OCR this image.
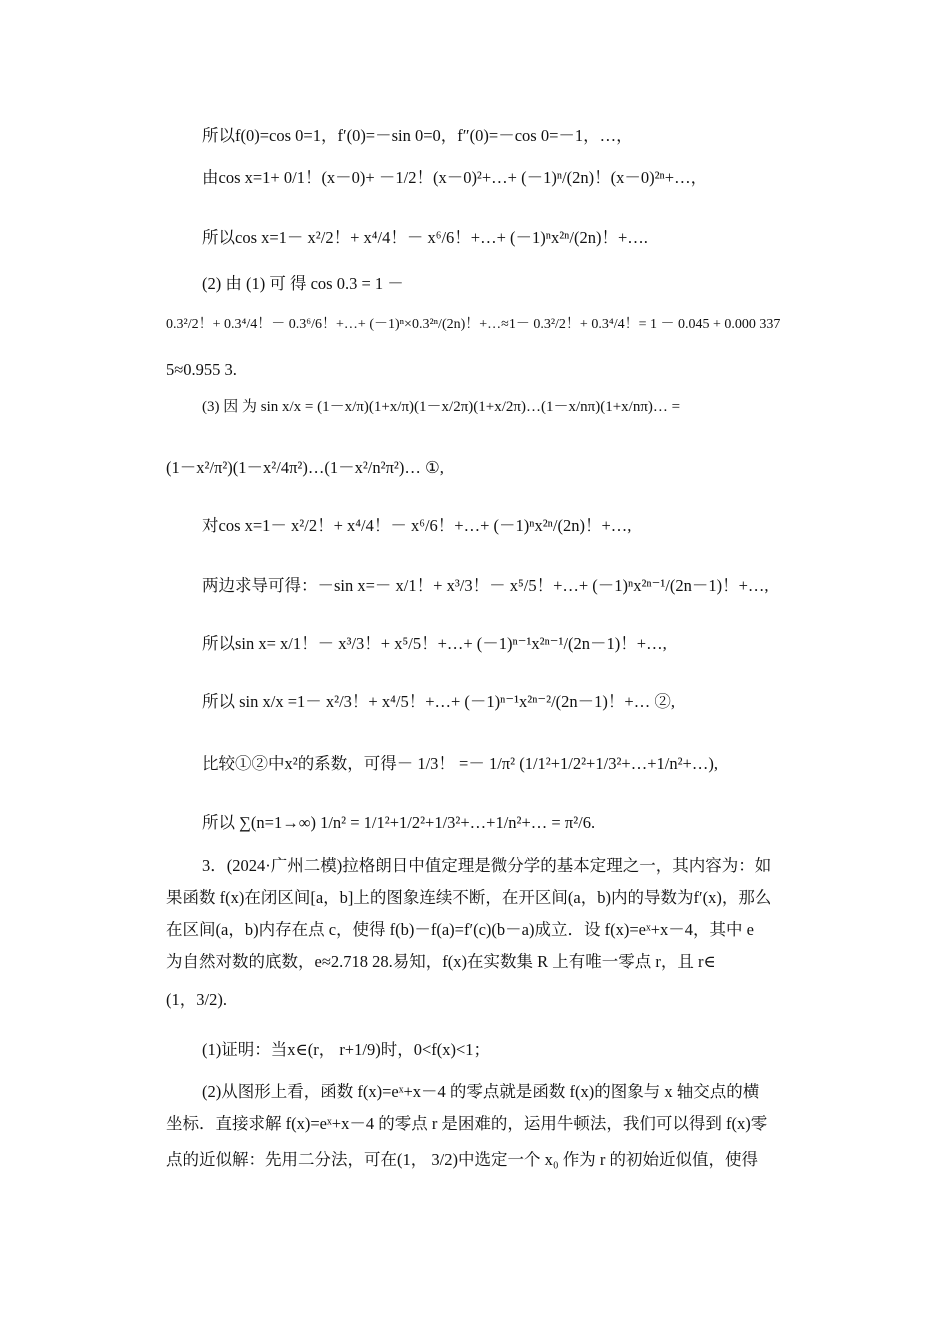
所以f(0)=cos 0=1，f′(0)=－sin 0=0，f″(0)=－cos 0=－1，…，
由cos x=1+ 0/1！(x－0)+ －1/2！(x－0)²+…+ (－1)ⁿ/(2n)！(x－0)²ⁿ+…，
所以cos x=1－ x²/2！+ x⁴/4！－ x⁶/6！+…+ (－1)ⁿx²ⁿ/(2n)！+….
(2) 由 (1) 可 得 cos 0.3 = 1 －
0.3²/2！+ 0.3⁴/4！－ 0.3⁶/6！+…+ (－1)ⁿ×0.3²ⁿ/(2n)！+…≈1－ 0.3²/2！+ 0.3⁴/4！= 1 － 0.045 + 0.000 337
5≈0.955 3.
(3) 因 为 sin x/x = (1－x/π)(1+x/π)(1－x/2π)(1+x/2π)…(1－x/nπ)(1+x/nπ)… =
(1－x²/π²)(1－x²/4π²)…(1－x²/n²π²)… ①,
对cos x=1－ x²/2！+ x⁴/4！－ x⁶/6！+…+ (－1)ⁿx²ⁿ/(2n)！+…,
两边求导可得：－sin x=－ x/1！+ x³/3！－ x⁵/5！+…+ (－1)ⁿx²ⁿ⁻¹/(2n－1)！+…,
所以sin x= x/1！－ x³/3！+ x⁵/5！+…+ (－1)ⁿ⁻¹x²ⁿ⁻¹/(2n－1)！+…,
所以 sin x/x =1－ x²/3！+ x⁴/5！+…+ (－1)ⁿ⁻¹x²ⁿ⁻²/(2n－1)！+… ②,
比较①②中x²的系数，可得－ 1/3！ =－ 1/π² (1/1²+1/2²+1/3²+…+1/n²+…),
所以 ∑(n=1→∞) 1/n² = 1/1²+1/2²+1/3²+…+1/n²+… = π²/6.
3．(2024·广州二模)拉格朗日中值定理是微分学的基本定理之一，其内容为：如
果函数 f(x)在闭区间[a，b]上的图象连续不断，在开区间(a，b)内的导数为f′(x)，那么
在区间(a，b)内存在点 c，使得 f(b)－f(a)=f′(c)(b－a)成立．设 f(x)=eˣ+x－4，其中 e
为自然对数的底数，e≈2.718 28.易知，f(x)在实数集 R 上有唯一零点 r，且 r∈
(1，3/2).
(1)证明：当x∈(r， r+1/9)时，0<f(x)<1；
(2)从图形上看，函数 f(x)=eˣ+x－4 的零点就是函数 f(x)的图象与 x 轴交点的横
坐标．直接求解 f(x)=eˣ+x－4 的零点 r 是困难的，运用牛顿法，我们可以得到 f(x)零
点的近似解：先用二分法，可在(1， 3/2)中选定一个 x₀ 作为 r 的初始近似值，使得
